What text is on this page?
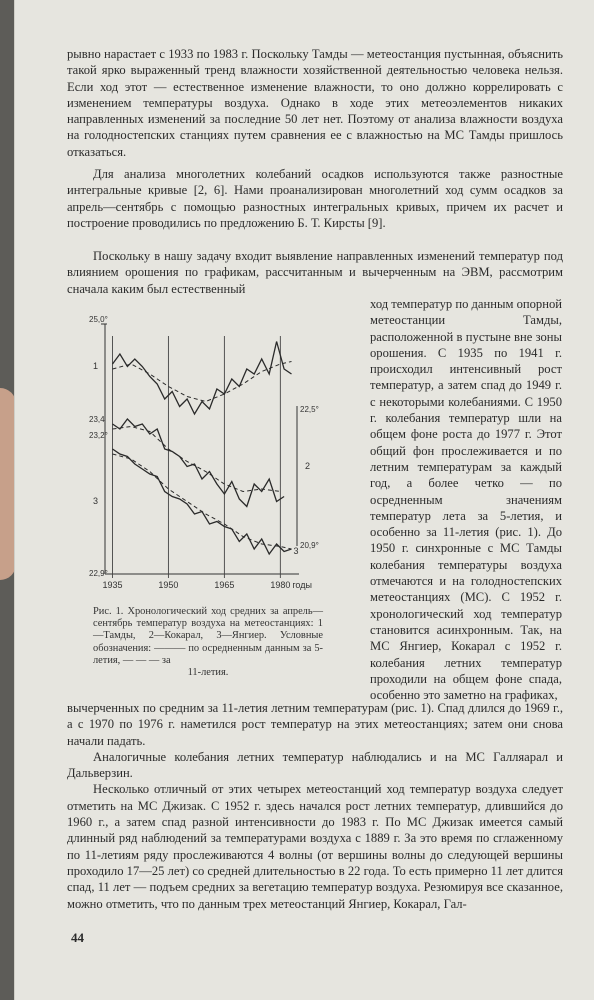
рывно нарастает с 1933 по 1983 г. Поскольку Тамды — метеостанция пустынная, объяснить такой ярко выраженный тренд влажности хозяйственной деятельностью человека нельзя. Если ход этот — естественное изменение влажности, то оно должно коррелировать с изменением температуры воздуха. Однако в ходе этих метеоэлементов никаких направленных изменений за последние 50 лет нет. Поэтому от анализа влажности воздуха на голодностепских станциях путем сравнения ее с влажностью на МС Тамды пришлось отказаться.

Для анализа многолетних колебаний осадков используются также разностные интегральные кривые [2, 6]. Нами проанализирован многолетний ход сумм осадков за апрель—сентябрь с помощью разностных интегральных кривых, причем их расчет и построение проводились по предложению Б. Т. Кирсты [9].

Поскольку в нашу задачу входит выявление направленных изменений температур под влиянием орошения по графикам, рассчитанным и вычерченным на ЭВМ, рассмотрим сначала каким был естественный

ход температур по данным опорной метеостанции Тамды, расположенной в пустыне вне зоны орошения. С 1935 по 1941 г. происходил интенсивный рост температур, а затем спад до 1949 г. с некоторыми колебаниями. С 1950 г. колебания температур шли на общем фоне роста до 1977 г. Этот общий фон прослеживается и по летним температурам за каждый год, а более четко — по осредненным значениям температур лета за 5-летия, и особенно за 11-летия (рис. 1). До 1950 г. синхронные с МС Тамды колебания температуры воздуха отмечаются и на голодностепских метеостанциях (МС). С 1952 г. хронологический ход температур становится асинхронным. Так, на МС Янгиер, Кокарал с 1952 г. колебания летних температур проходили на общем фоне спада, особенно это заметно на графиках,
1935	1950	1965	1980 годы
25,0°
23,4
23,2°
22,9°
22,5°
20,9°
1
2
3
3
Рис. 1. Хронологический ход средних за апрель—сентябрь температур воздуха на метеостанциях: 1—Тамды, 2—Кокарал, 3—Янгиер. Условные обозначения: ——— по осредненным данным за 5-летия, — — — за
11-летия.

вычерченных по средним за 11-летия летним температурам (рис. 1). Спад длился до 1969 г., а с 1970 по 1976 г. наметился рост температур на этих метеостанциях; затем они снова начали падать.

Аналогичные колебания летних температур наблюдались и на МС Галляарал и Дальверзин.

Несколько отличный от этих четырех метеостанций ход температур воздуха следует отметить на МС Джизак. С 1952 г. здесь начался рост летних температур, длившийся до 1960 г., а затем спад разной интенсивности до 1983 г. По МС Джизак имеется самый длинный ряд наблюдений за температурами воздуха с 1889 г. За это время по сглаженному по 11-летиям ряду прослеживаются 4 волны (от вершины волны до следующей вершины проходило 17—25 лет) со средней длительностью в 22 года. То есть примерно 11 лет длится спад, 11 лет — подъем средних за вегетацию температур воздуха. Резюмируя все сказанное, можно отметить, что по данным трех метеостанций Янгиер, Кокарал, Гал-

44
